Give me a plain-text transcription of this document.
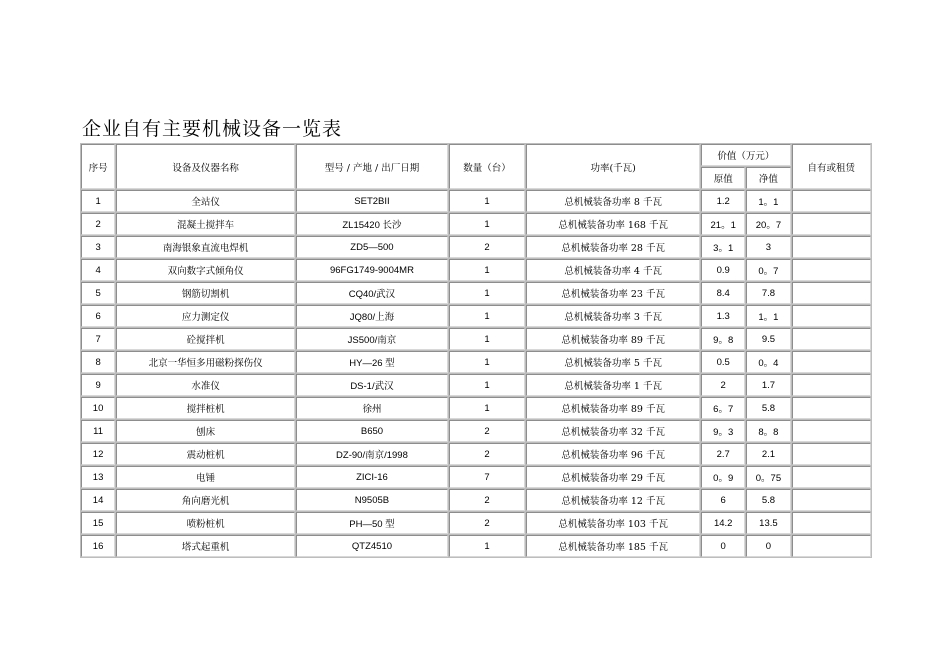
企业自有主要机械设备一览表
序号	设备及仪器名称	型号 / 产地 / 出厂日期	数量（台）	功率(千瓦)	价值（万元）		自有或租赁
					原值	净值	
1	全站仪	SET2BII	1	总机械装备功率 8 千瓦	1.2	1。1	
2	混凝土搅拌车	ZL15420 长沙	1	总机械装备功率 168 千瓦	21。1	20。7	
3	南海银象直流电焊机	ZD5—500	2	总机械装备功率 28 千瓦	3。1	3	
4	双向数字式倾角仪	96FG1749-9004MR	1	总机械装备功率 4 千瓦	0.9	0。7	
5	钢筋切割机	CQ40/武汉	1	总机械装备功率 23 千瓦	8.4	7.8	
6	应力测定仪	JQ80/上海	1	总机械装备功率 3 千瓦	1.3	1。1	
7	砼搅拌机	JS500/南京	1	总机械装备功率 89 千瓦	9。8	9.5	
8	北京一华恒多用磁粉探伤仪	HY—26 型	1	总机械装备功率 5 千瓦	0.5	0。4	
9	水准仪	DS-1/武汉	1	总机械装备功率 1 千瓦	2	1.7	
10	搅拌桩机	徐州	1	总机械装备功率 89 千瓦	6。7	5.8	
11	刨床	B650	2	总机械装备功率 32 千瓦	9。3	8。8	
12	震动桩机	DZ-90/南京/1998	2	总机械装备功率 96 千瓦	2.7	2.1	
13	电锤	ZICI-16	7	总机械装备功率 29 千瓦	0。9	0。75	
14	角向磨光机	N9505B	2	总机械装备功率 12 千瓦	6	5.8	
15	喷粉桩机	PH—50 型	2	总机械装备功率 103 千瓦	14.2	13.5	
16	塔式起重机	QTZ4510	1	总机械装备功率 185 千瓦	0	0	
